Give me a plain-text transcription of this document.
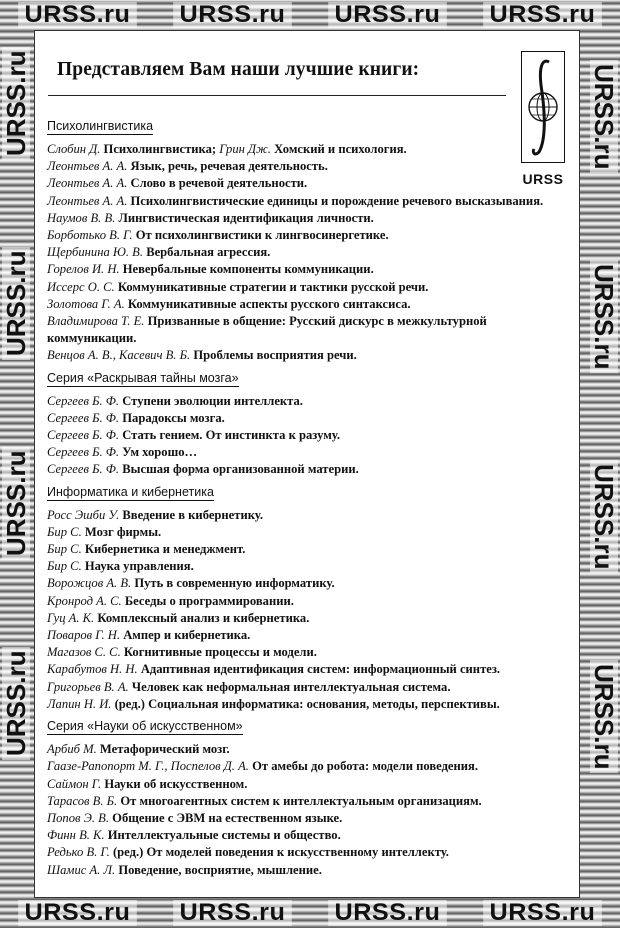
URSS.ru URSS.ru URSS.ru URSS.ru
URSS.ru URSS.ru URSS.ru URSS.ru
URSS.ru
URSS.ru
URSS.ru
URSS.ru
URSS.ru
URSS.ru
URSS.ru
URSS.ru
Представляем Вам наши лучшие книги:
URSS
Психолингвистика
Слобин Д. Психолингвистика; Грин Дж. Хомский и психология.
Леонтьев А. А. Язык, речь, речевая деятельность.
Леонтьев А. А. Слово в речевой деятельности.
Леонтьев А. А. Психолингвистические единицы и порождение речевого высказывания.
Наумов В. В. Лингвистическая идентификация личности.
Борботько В. Г. От психолингвистики к лингвосинергетике.
Щербинина Ю. В. Вербальная агрессия.
Горелов И. Н. Невербальные компоненты коммуникации.
Иссерс О. С. Коммуникативные стратегии и тактики русской речи.
Золотова Г. А. Коммуникативные аспекты русского синтаксиса.
Владимирова Т. Е. Призванные в общение: Русский дискурс в межкультурной
коммуникации.
Венцов А. В., Касевич В. Б. Проблемы восприятия речи.
Серия «Раскрывая тайны мозга»
Сергеев Б. Ф. Ступени эволюции интеллекта.
Сергеев Б. Ф. Парадоксы мозга.
Сергеев Б. Ф. Стать гением. От инстинкта к разуму.
Сергеев Б. Ф. Ум хорошо…
Сергеев Б. Ф. Высшая форма организованной материи.
Информатика и кибернетика
Росс Эшби У. Введение в кибернетику.
Бир С. Мозг фирмы.
Бир С. Кибернетика и менеджмент.
Бир С. Наука управления.
Ворожцов А. В. Путь в современную информатику.
Кронрод А. С. Беседы о программировании.
Гуц А. К. Комплексный анализ и кибернетика.
Поваров Г. Н. Ампер и кибернетика.
Магазов С. С. Когнитивные процессы и модели.
Карабутов Н. Н. Адаптивная идентификация систем: информационный синтез.
Григорьев В. А. Человек как неформальная интеллектуальная система.
Лапин Н. И. (ред.) Социальная информатика: основания, методы, перспективы.
Серия «Науки об искусственном»
Арбиб М. Метафорический мозг.
Гаазе-Рапопорт М. Г., Поспелов Д. А. От амебы до робота: модели поведения.
Саймон Г. Науки об искусственном.
Тарасов В. Б. От многоагентных систем к интеллектуальным организациям.
Попов Э. В. Общение с ЭВМ на естественном языке.
Финн В. К. Интеллектуальные системы и общество.
Редько В. Г. (ред.) От моделей поведения к искусственному интеллекту.
Шамис А. Л. Поведение, восприятие, мышление.
